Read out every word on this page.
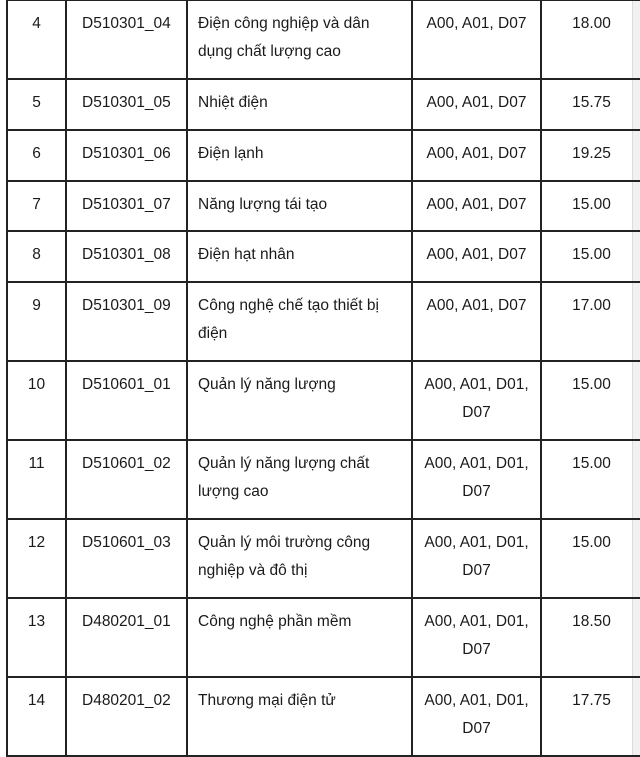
4	D510301_04	Điện công nghiệp và dân dụng chất lượng cao	A00, A01, D07	18.00
5	D510301_05	Nhiệt điện	A00, A01, D07	15.75
6	D510301_06	Điện lạnh	A00, A01, D07	19.25
7	D510301_07	Năng lượng tái tạo	A00, A01, D07	15.00
8	D510301_08	Điện hạt nhân	A00, A01, D07	15.00
9	D510301_09	Công nghệ chế tạo thiết bị điện	A00, A01, D07	17.00
10	D510601_01	Quản lý năng lượng	A00, A01, D01, D07	15.00
11	D510601_02	Quản lý năng lượng chất lượng cao	A00, A01, D01, D07	15.00
12	D510601_03	Quản lý môi trường công nghiệp và đô thị	A00, A01, D01, D07	15.00
13	D480201_01	Công nghệ phần mềm	A00, A01, D01, D07	18.50
14	D480201_02	Thương mại điện tử	A00, A01, D01, D07	17.75
